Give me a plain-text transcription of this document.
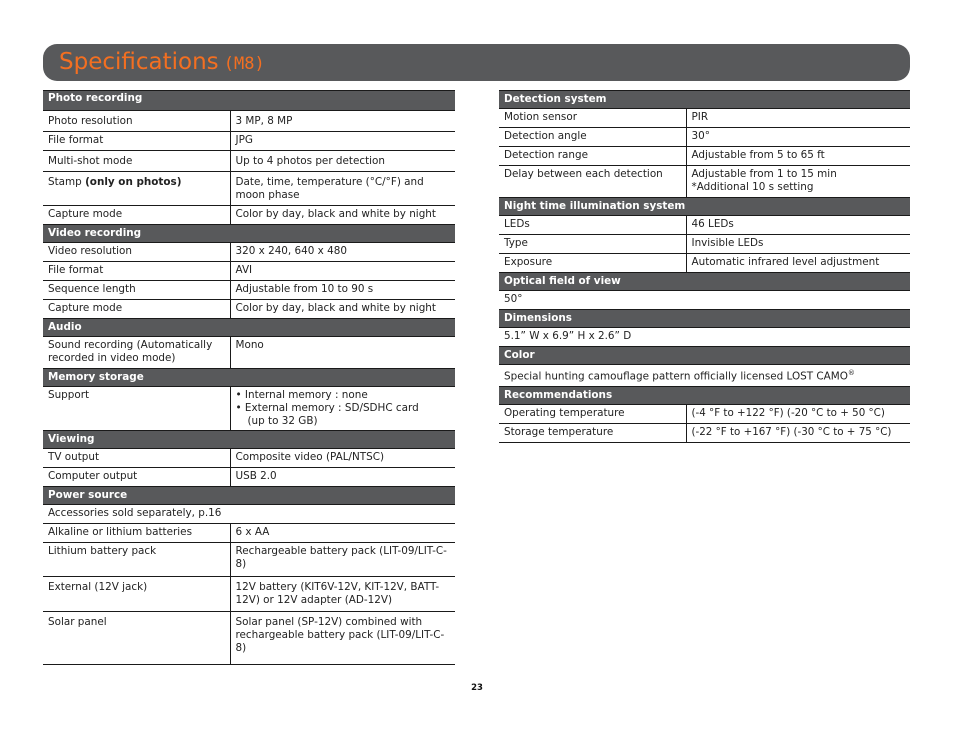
Specifications (M8)
Photo recording	
Photo resolution	3 MP, 8 MP
File format	JPG
Multi-shot mode	Up to 4 photos per detection
Stamp (only on photos)	Date, time, temperature (°C/°F) and moon phase
Capture mode	Color by day, black and white by night
Video recording	
Video resolution	320 x 240, 640 x 480
File format	AVI
Sequence length	Adjustable from 10 to 90 s
Capture mode	Color by day, black and white by night
Audio	
Sound recording (Automatically recorded in video mode)	Mono
Memory storage	
Support	• Internal memory : none
• External memory : SD/SDHC card
(up to 32 GB)

Viewing	
TV output	Composite video (PAL/NTSC)
Computer output	USB 2.0
Power source	
Accessories sold separately, p.16	
Alkaline or lithium batteries	6 x AA
Lithium battery pack	Rechargeable battery pack (LIT-09/LIT-C-8)
External (12V jack)	12V battery (KIT6V-12V, KIT-12V, BATT-12V) or 12V adapter (AD-12V)
Solar panel	Solar panel (SP-12V) combined with rechargeable battery pack (LIT-09/LIT-C-8)
Detection system	
Motion sensor	PIR
Detection angle	30°
Detection range	Adjustable from 5 to 65 ft
Delay between each detection	Adjustable from 1 to 15 min
*Additional 10 s setting

Night time illumination system	
LEDs	46 LEDs
Type	Invisible LEDs
Exposure	Automatic infrared level adjustment
Optical field of view	
50°	
Dimensions	
5.1” W x 6.9” H x 2.6” D	
Color	
Special hunting camouflage pattern officially licensed LOST CAMO®
Recommendations	
Operating temperature	(-4 °F to +122 °F) (-20 °C to + 50 °C)
Storage temperature	(-22 °F to +167 °F) (-30 °C to + 75 °C)
23
